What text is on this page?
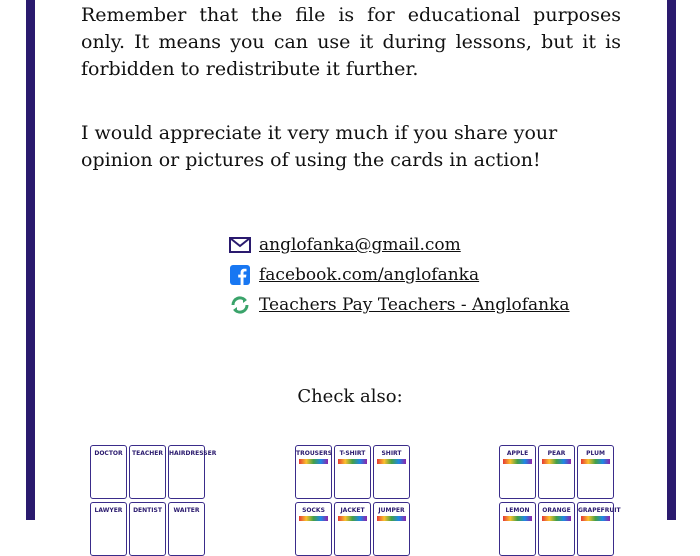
Remember that the file is for educational purposes only. It means you can use it during lessons, but it is forbidden to redistribute it further.

I would appreciate it very much if you share your opinion or pictures of using the cards in action!

anglofanka@gmail.com
facebook.com/anglofanka
Teachers Pay Teachers - Anglofanka
Check also:
DOCTOR	TEACHER	HAIRDRESSER
LAWYER	DENTIST	WAITER
TROUSERS	T-SHIRT	SHIRT
SOCKS	JACKET	JUMPER
APPLE	PEAR	PLUM
LEMON	ORANGE	GRAPEFRUIT
